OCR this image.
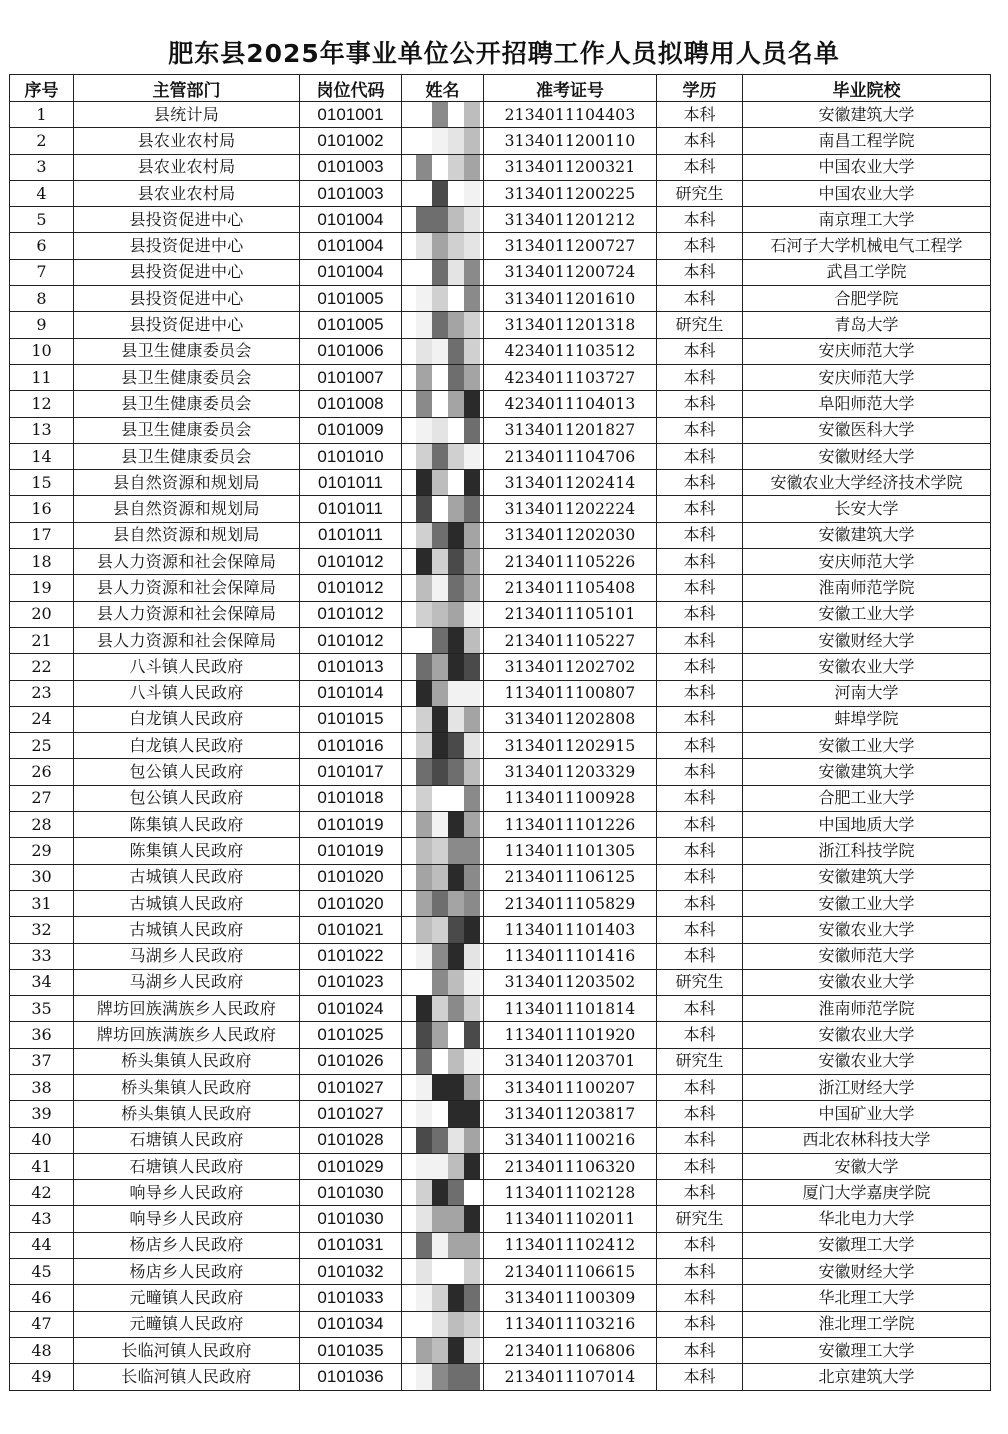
肥东县2025年事业单位公开招聘工作人员拟聘用人员名单
序号	主管部门	岗位代码	姓名	准考证号	学历	毕业院校
1	县统计局	0101001		2134011104403	本科	安徽建筑大学
2	县农业农村局	0101002		3134011200110	本科	南昌工程学院
3	县农业农村局	0101003		3134011200321	本科	中国农业大学
4	县农业农村局	0101003		3134011200225	研究生	中国农业大学
5	县投资促进中心	0101004		3134011201212	本科	南京理工大学
6	县投资促进中心	0101004		3134011200727	本科	石河子大学机械电气工程学
7	县投资促进中心	0101004		3134011200724	本科	武昌工学院
8	县投资促进中心	0101005		3134011201610	本科	合肥学院
9	县投资促进中心	0101005		3134011201318	研究生	青岛大学
10	县卫生健康委员会	0101006		4234011103512	本科	安庆师范大学
11	县卫生健康委员会	0101007		4234011103727	本科	安庆师范大学
12	县卫生健康委员会	0101008		4234011104013	本科	阜阳师范大学
13	县卫生健康委员会	0101009		3134011201827	本科	安徽医科大学
14	县卫生健康委员会	0101010		2134011104706	本科	安徽财经大学
15	县自然资源和规划局	0101011		3134011202414	本科	安徽农业大学经济技术学院
16	县自然资源和规划局	0101011		3134011202224	本科	长安大学
17	县自然资源和规划局	0101011		3134011202030	本科	安徽建筑大学
18	县人力资源和社会保障局	0101012		2134011105226	本科	安庆师范大学
19	县人力资源和社会保障局	0101012		2134011105408	本科	淮南师范学院
20	县人力资源和社会保障局	0101012		2134011105101	本科	安徽工业大学
21	县人力资源和社会保障局	0101012		2134011105227	本科	安徽财经大学
22	八斗镇人民政府	0101013		3134011202702	本科	安徽农业大学
23	八斗镇人民政府	0101014		1134011100807	本科	河南大学
24	白龙镇人民政府	0101015		3134011202808	本科	蚌埠学院
25	白龙镇人民政府	0101016		3134011202915	本科	安徽工业大学
26	包公镇人民政府	0101017		3134011203329	本科	安徽建筑大学
27	包公镇人民政府	0101018		1134011100928	本科	合肥工业大学
28	陈集镇人民政府	0101019		1134011101226	本科	中国地质大学
29	陈集镇人民政府	0101019		1134011101305	本科	浙江科技学院
30	古城镇人民政府	0101020		2134011106125	本科	安徽建筑大学
31	古城镇人民政府	0101020		2134011105829	本科	安徽工业大学
32	古城镇人民政府	0101021		1134011101403	本科	安徽农业大学
33	马湖乡人民政府	0101022		1134011101416	本科	安徽师范大学
34	马湖乡人民政府	0101023		3134011203502	研究生	安徽农业大学
35	牌坊回族满族乡人民政府	0101024		1134011101814	本科	淮南师范学院
36	牌坊回族满族乡人民政府	0101025		1134011101920	本科	安徽农业大学
37	桥头集镇人民政府	0101026		3134011203701	研究生	安徽农业大学
38	桥头集镇人民政府	0101027		3134011100207	本科	浙江财经大学
39	桥头集镇人民政府	0101027		3134011203817	本科	中国矿业大学
40	石塘镇人民政府	0101028		3134011100216	本科	西北农林科技大学
41	石塘镇人民政府	0101029		2134011106320	本科	安徽大学
42	响导乡人民政府	0101030		1134011102128	本科	厦门大学嘉庚学院
43	响导乡人民政府	0101030		1134011102011	研究生	华北电力大学
44	杨店乡人民政府	0101031		1134011102412	本科	安徽理工大学
45	杨店乡人民政府	0101032		2134011106615	本科	安徽财经大学
46	元疃镇人民政府	0101033		3134011100309	本科	华北理工大学
47	元疃镇人民政府	0101034		1134011103216	本科	淮北理工学院
48	长临河镇人民政府	0101035		2134011106806	本科	安徽理工大学
49	长临河镇人民政府	0101036		2134011107014	本科	北京建筑大学
